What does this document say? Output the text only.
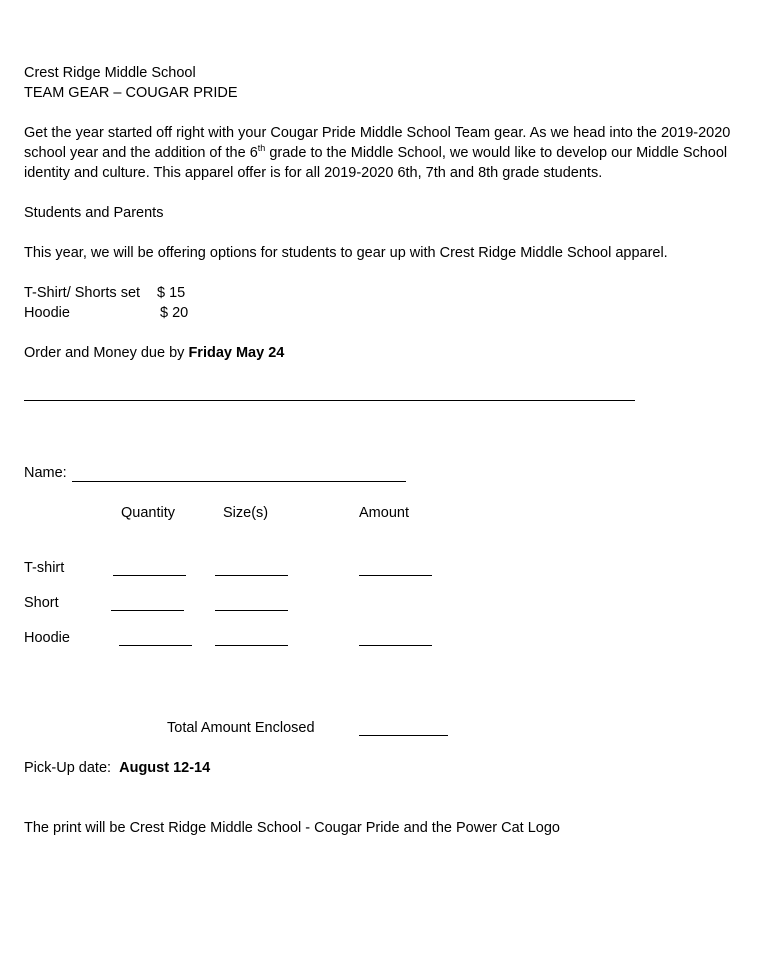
Crest Ridge Middle School
TEAM GEAR – COUGAR PRIDE
Get the year started off right with your Cougar Pride Middle School Team gear. As we head into the 2019-2020 school year and the addition of the 6th grade to the Middle School, we would like to develop our Middle School identity and culture. This apparel offer is for all 2019-2020 6th, 7th and 8th grade students.
Students and Parents
This year, we will be offering options for students to gear up with Crest Ridge Middle School apparel.
T-Shirt/ Shorts set $ 15
Hoodie	$ 20
Order and Money due by Friday May 24
Name:
Quantity	Size(s)	Amount
T-shirt
Short
Hoodie
Total Amount Enclosed
Pick-Up date: August 12-14
The print will be Crest Ridge Middle School - Cougar Pride and the Power Cat Logo
